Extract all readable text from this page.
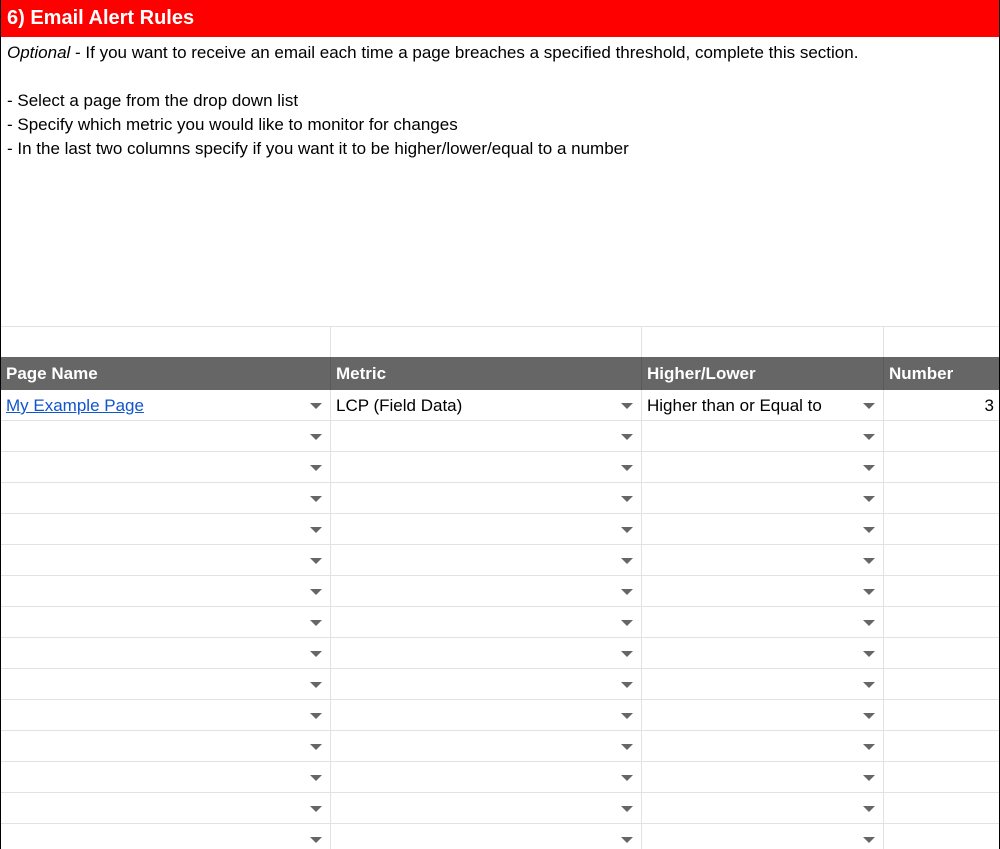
6) Email Alert Rules

Optional - If you want to receive an email each time a page breaches a specified threshold, complete this section.

- Select a page from the drop down list

- Specify which metric you would like to monitor for changes

- In the last two columns specify if you want it to be higher/lower/equal to a number

Page Name	Metric	Higher/Lower	Number
My Example Page	LCP (Field Data)	Higher than or Equal to	3
